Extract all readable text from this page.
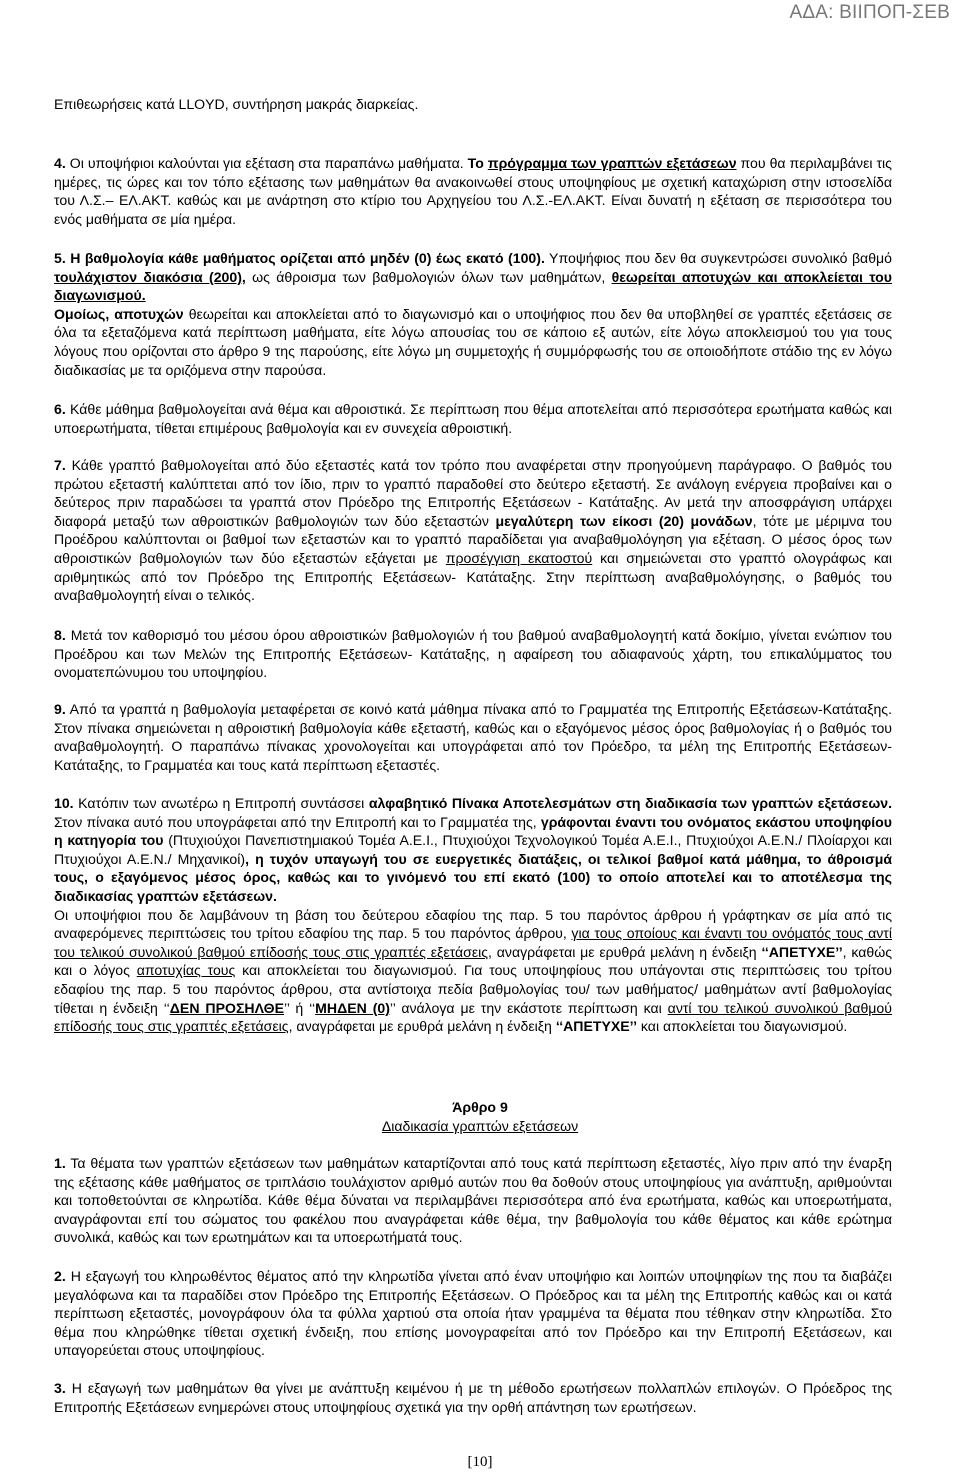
ΑΔΑ: ΒΙΙΠΟΠ-ΣΕΒ

Επιθεωρήσεις κατά LLOYD, συντήρηση μακράς διαρκείας.

4. Οι υποψήφιοι καλούνται για εξέταση στα παραπάνω μαθήματα. Το πρόγραμμα των γραπτών εξετάσεων που θα περιλαμβάνει τις ημέρες, τις ώρες και τον τόπο εξέτασης των μαθημάτων θα ανακοινωθεί στους υποψηφίους με σχετική καταχώριση στην ιστοσελίδα του Λ.Σ.– ΕΛ.ΑΚΤ. καθώς και με ανάρτηση στο κτίριο του Αρχηγείου του Λ.Σ.-ΕΛ.ΑΚΤ. Είναι δυνατή η εξέταση σε περισσότερα του ενός μαθήματα σε μία ημέρα.

5. Η βαθμολογία κάθε μαθήματος ορίζεται από μηδέν (0) έως εκατό (100). Υποψήφιος που δεν θα συγκεντρώσει συνολικό βαθμό τουλάχιστον διακόσια (200), ως άθροισμα των βαθμολογιών όλων των μαθημάτων, θεωρείται αποτυχών και αποκλείεται του διαγωνισμού.
Ομοίως, αποτυχών θεωρείται και αποκλείεται από το διαγωνισμό και ο υποψήφιος που δεν θα υποβληθεί σε γραπτές εξετάσεις σε όλα τα εξεταζόμενα κατά περίπτωση μαθήματα, είτε λόγω απουσίας του σε κάποιο εξ αυτών, είτε λόγω αποκλεισμού του για τους λόγους που ορίζονται στο άρθρο 9 της παρούσης, είτε λόγω μη συμμετοχής ή συμμόρφωσής του σε οποιοδήποτε στάδιο της εν λόγω διαδικασίας με τα οριζόμενα στην παρούσα.

6. Κάθε μάθημα βαθμολογείται ανά θέμα και αθροιστικά. Σε περίπτωση που θέμα αποτελείται από περισσότερα ερωτήματα καθώς και υποερωτήματα, τίθεται επιμέρους βαθμολογία και εν συνεχεία αθροιστική.

7. Κάθε γραπτό βαθμολογείται από δύο εξεταστές κατά τον τρόπο που αναφέρεται στην προηγούμενη παράγραφο. Ο βαθμός του πρώτου εξεταστή καλύπτεται από τον ίδιο, πριν το γραπτό παραδοθεί στο δεύτερο εξεταστή. Σε ανάλογη ενέργεια προβαίνει και ο δεύτερος πριν παραδώσει τα γραπτά στον Πρόεδρο της Επιτροπής Εξετάσεων - Κατάταξης. Αν μετά την αποσφράγιση υπάρχει διαφορά μεταξύ των αθροιστικών βαθμολογιών των δύο εξεταστών μεγαλύτερη των είκοσι (20) μονάδων, τότε με μέριμνα του Προέδρου καλύπτονται οι βαθμοί των εξεταστών και το γραπτό παραδίδεται για αναβαθμολόγηση για εξέταση. Ο μέσος όρος των αθροιστικών βαθμολογιών των δύο εξεταστών εξάγεται με προσέγγιση εκατοστού και σημειώνεται στο γραπτό ολογράφως και αριθμητικώς από τον Πρόεδρο της Επιτροπής Εξετάσεων- Κατάταξης. Στην περίπτωση αναβαθμολόγησης, ο βαθμός του αναβαθμολογητή είναι ο τελικός.

8. Μετά τον καθορισμό του μέσου όρου αθροιστικών βαθμολογιών ή του βαθμού αναβαθμολογητή κατά δοκίμιο, γίνεται ενώπιον του Προέδρου και των Μελών της Επιτροπής Εξετάσεων- Κατάταξης, η αφαίρεση του αδιαφανούς χάρτη, του επικαλύμματος του ονοματεπώνυμου του υποψηφίου.

9. Από τα γραπτά η βαθμολογία μεταφέρεται σε κοινό κατά μάθημα πίνακα από το Γραμματέα της Επιτροπής Εξετάσεων-Κατάταξης. Στον πίνακα σημειώνεται η αθροιστική βαθμολογία κάθε εξεταστή, καθώς και ο εξαγόμενος μέσος όρος βαθμολογίας ή ο βαθμός του αναβαθμολογητή. Ο παραπάνω πίνακας χρονολογείται και υπογράφεται από τον Πρόεδρο, τα μέλη της Επιτροπής Εξετάσεων- Κατάταξης, το Γραμματέα και τους κατά περίπτωση εξεταστές.

10. Κατόπιν των ανωτέρω η Επιτροπή συντάσσει αλφαβητικό Πίνακα Αποτελεσμάτων στη διαδικασία των γραπτών εξετάσεων. Στον πίνακα αυτό που υπογράφεται από την Επιτροπή και το Γραμματέα της, γράφονται έναντι του ονόματος εκάστου υποψηφίου η κατηγορία του (Πτυχιούχοι Πανεπιστημιακού Τομέα Α.Ε.Ι., Πτυχιούχοι Τεχνολογικού Τομέα Α.Ε.Ι., Πτυχιούχοι Α.Ε.Ν./ Πλοίαρχοι και Πτυχιούχοι Α.Ε.Ν./ Μηχανικοί), η τυχόν υπαγωγή του σε ευεργετικές διατάξεις, οι τελικοί βαθμοί κατά μάθημα, το άθροισμά τους, ο εξαγόμενος μέσος όρος, καθώς και το γινόμενό του επί εκατό (100) το οποίο αποτελεί και το αποτέλεσμα της διαδικασίας γραπτών εξετάσεων.
Οι υποψήφιοι που δε λαμβάνουν τη βάση του δεύτερου εδαφίου της παρ. 5 του παρόντος άρθρου ή γράφτηκαν σε μία από τις αναφερόμενες περιπτώσεις του τρίτου εδαφίου της παρ. 5 του παρόντος άρθρου, για τους οποίους και έναντι του ονόματός τους αντί του τελικού συνολικού βαθμού επίδοσής τους στις γραπτές εξετάσεις, αναγράφεται με ερυθρά μελάνη η ένδειξη ‘‘ΑΠΕΤΥΧΕ’’, καθώς και ο λόγος αποτυχίας τους και αποκλείεται του διαγωνισμού. Για τους υποψηφίους που υπάγονται στις περιπτώσεις του τρίτου εδαφίου της παρ. 5 του παρόντος άρθρου, στα αντίστοιχα πεδία βαθμολογίας του/ των μαθήματος/ μαθημάτων αντί βαθμολογίας τίθεται η ένδειξη ‘‘ΔΕΝ ΠΡΟΣΗΛΘΕ’’ ή ‘‘ΜΗΔΕΝ (0)’’ ανάλογα με την εκάστοτε περίπτωση και αντί του τελικού συνολικού βαθμού επίδοσής τους στις γραπτές εξετάσεις, αναγράφεται με ερυθρά μελάνη η ένδειξη ‘‘ΑΠΕΤΥΧΕ’’ και αποκλείεται του διαγωνισμού.

Άρθρο 9

Διαδικασία γραπτών εξετάσεων

1. Τα θέματα των γραπτών εξετάσεων των μαθημάτων καταρτίζονται από τους κατά περίπτωση εξεταστές, λίγο πριν από την έναρξη της εξέτασης κάθε μαθήματος σε τριπλάσιο τουλάχιστον αριθμό αυτών που θα δοθούν στους υποψηφίους για ανάπτυξη, αριθμούνται και τοποθετούνται σε κληρωτίδα. Κάθε θέμα δύναται να περιλαμβάνει περισσότερα από ένα ερωτήματα, καθώς και υποερωτήματα, αναγράφονται επί του σώματος του φακέλου που αναγράφεται κάθε θέμα, την βαθμολογία του κάθε θέματος και κάθε ερώτημα συνολικά, καθώς και των ερωτημάτων και τα υποερωτήματά τους.

2. Η εξαγωγή του κληρωθέντος θέματος από την κληρωτίδα γίνεται από έναν υποψήφιο και λοιπών υποψηφίων της που τα διαβάζει μεγαλόφωνα και τα παραδίδει στον Πρόεδρο της Επιτροπής Εξετάσεων. Ο Πρόεδρος και τα μέλη της Επιτροπής καθώς και οι κατά περίπτωση εξεταστές, μονογράφουν όλα τα φύλλα χαρτιού στα οποία ήταν γραμμένα τα θέματα που τέθηκαν στην κληρωτίδα. Στο θέμα που κληρώθηκε τίθεται σχετική ένδειξη, που επίσης μονογραφείται από τον Πρόεδρο και την Επιτροπή Εξετάσεων, και υπαγορεύεται στους υποψηφίους.

3. Η εξαγωγή των μαθημάτων θα γίνει με ανάπτυξη κειμένου ή με τη μέθοδο ερωτήσεων πολλαπλών επιλογών. Ο Πρόεδρος της Επιτροπής Εξετάσεων ενημερώνει στους υποψηφίους σχετικά για την ορθή απάντηση των ερωτήσεων.

[10]
